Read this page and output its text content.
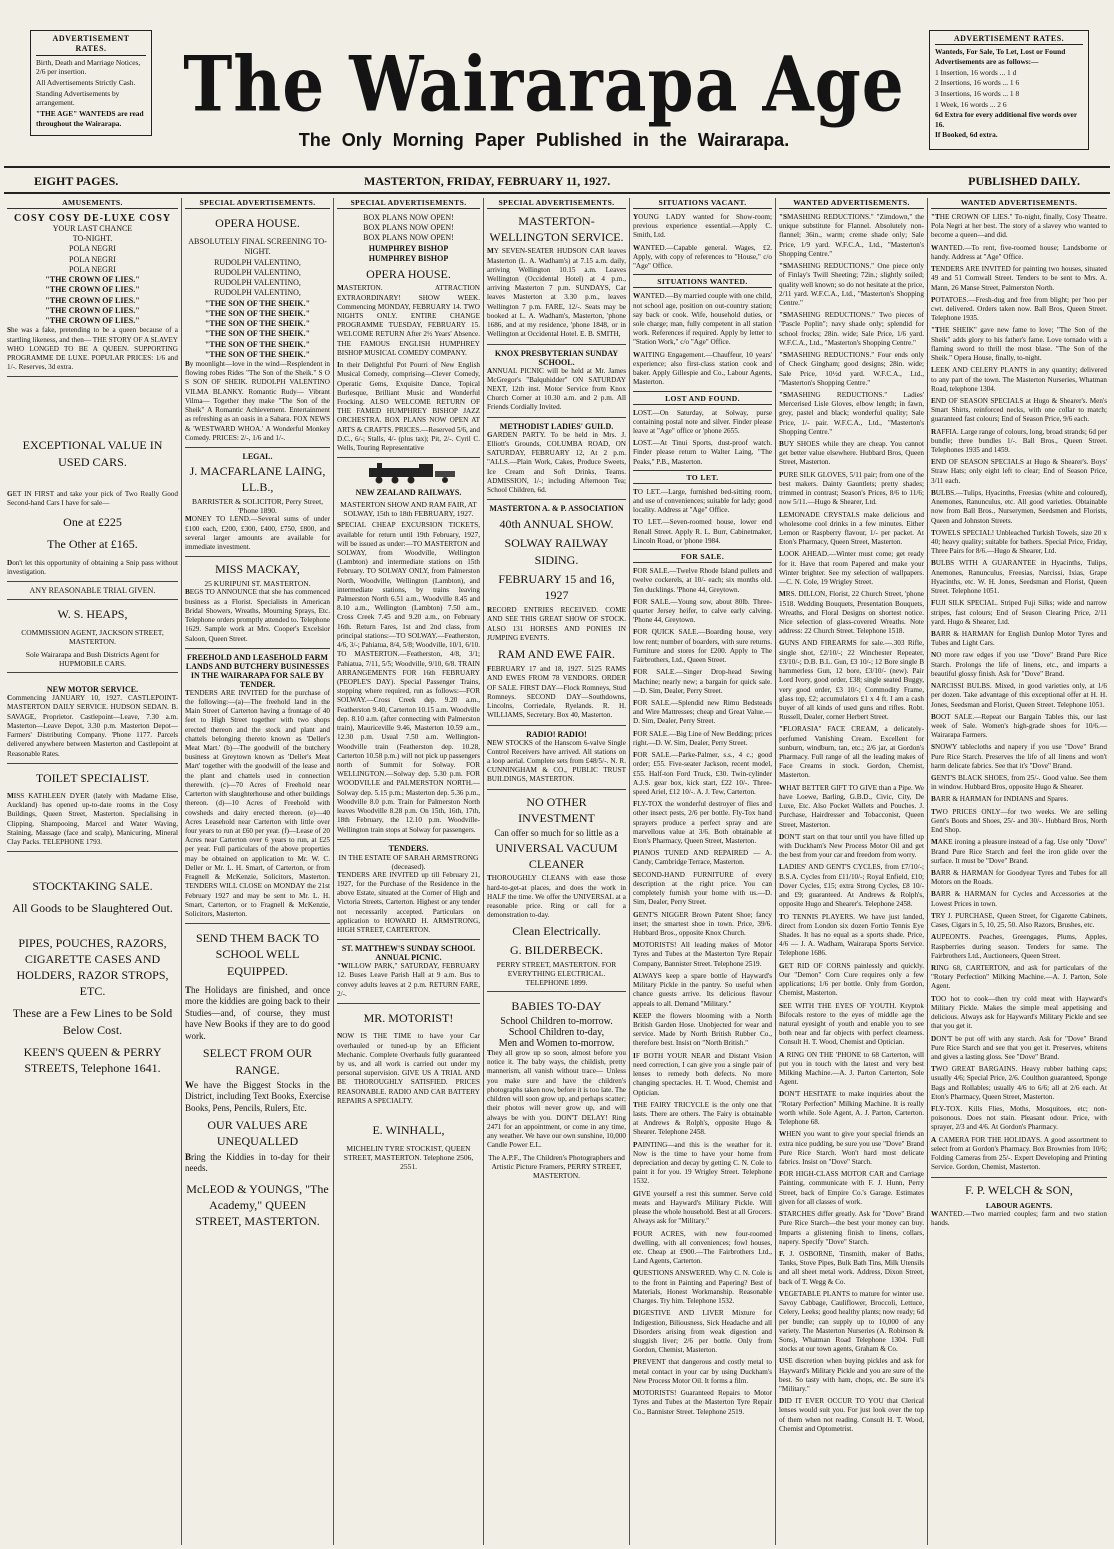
ADVERTISEMENT RATES.

Birth, Death and Marriage Notices, 2/6 per insertion.

All Advertisements Strictly Cash.

Standing Advertisements by arrangement.

"THE AGE" WANTEDS are read throughout the Wairarapa. The Wairarapa Age
The Only Morning Paper Published in the Wairarapa.
ADVERTISEMENT RATES.

Wanteds, For Sale, To Let, Lost or Found Advertisements are as follows:—

1 Insertion, 16 words ... 1 d

2 Insertions, 16 words ... 1 6

3 Insertions, 16 words ... 1 8

1 Week, 16 words ... 2 6

6d Extra for every additional five words over 16.

If Booked, 6d extra.

EIGHT PAGES.	MASTERTON, FRIDAY, FEBRUARY 11, 1927.	PUBLISHED DAILY.
AMUSEMENTS.
COSY COSY DE-LUXE COSY
YOUR LAST CHANCE
TO-NIGHT.
POLA NEGRI
POLA NEGRI
POLA NEGRI
"THE CROWN OF LIES."
"THE CROWN OF LIES."
"THE CROWN OF LIES."
"THE CROWN OF LIES."
"THE CROWN OF LIES."

She was a fake, pretending to be a queen because of a startling likeness, and then— THE STORY OF A SLAVEY WHO LONGED TO BE A QUEEN. SUPPORTING PROGRAMME DE LUXE. POPULAR PRICES: 1/6 and 1/-. Reserves, 3d extra.

EXCEPTIONAL VALUE IN USED CARS.

GET IN FIRST and take your pick of Two Really Good Second-hand Cars I have for sale—

One at £225
The Other at £165.

Don't let this opportunity of obtaining a Snip pass without investigation.

ANY REASONABLE TRIAL GIVEN.
W. S. HEAPS,
COMMISSION AGENT, JACKSON STREET, MASTERTON.
Sole Wairarapa and Bush Districts Agent for HUPMOBILE CARS.
NEW MOTOR SERVICE.

Commencing JANUARY 10, 1927. CASTLEPOINT-MASTERTON DAILY SERVICE. HUDSON SEDAN. B. SAVAGE, Proprietor. Castlepoint—Leave, 7.30 a.m. Masterton—Leave Depot, 3.30 p.m. Masterton Depot—Farmers' Distributing Company. 'Phone 1177. Parcels delivered anywhere between Masterton and Castlepoint at Reasonable Rates.

TOILET SPECIALIST.

MISS KATHLEEN DYER (lately with Madame Elise, Auckland) has opened up-to-date rooms in the Cosy Buildings, Queen Street, Masterton. Specialising in Clipping, Shampooing, Marcel and Water Waving, Staining, Massage (face and scalp), Manicuring, Mineral Clay Packs. TELEPHONE 1793.

STOCKTAKING SALE.
All Goods to be Slaughtered Out.
PIPES, POUCHES, RAZORS, CIGARETTE CASES AND HOLDERS, RAZOR STROPS, ETC.
These are a Few Lines to be Sold Below Cost.
KEEN'S QUEEN & PERRY STREETS, Telephone 1641.
SPECIAL ADVERTISEMENTS.
OPERA HOUSE.
ABSOLUTELY FINAL SCREENING TO-NIGHT.
RUDOLPH VALENTINO,
RUDOLPH VALENTINO,
RUDOLPH VALENTINO,
RUDOLPH VALENTINO,
"THE SON OF THE SHEIK."
"THE SON OF THE SHEIK."
"THE SON OF THE SHEIK."
"THE SON OF THE SHEIK."
"THE SON OF THE SHEIK."
"THE SON OF THE SHEIK."

By moonlight—love in the wind—Resplendent in flowing robes Rides "The Son of the Sheik." S O S SON OF SHEIK. RUDOLPH VALENTINO VILMA BLANKY. Romantic Rudy— Vibrant Vilma— Together they make "The Son of the Sheik" A Romantic Achievement. Entertainment as refreshing as an oasis in a Sahara. FOX NEWS & 'WESTWARD WHOA.' A Wonderful Monkey Comedy. PRICES: 2/-, 1/6 and 1/-.

LEGAL.
J. MACFARLANE LAING, LL.B.,
BARRISTER & SOLICITOR, Perry Street, 'Phone 1890.

MONEY TO LEND.—Several sums of under £100 each, £200, £300, £400, £750, £800, and several larger amounts are available for immediate investment.

MISS MACKAY,
25 KURIPUNI ST. MASTERTON.

BEGS TO ANNOUNCE that she has commenced business as a Florist. Specialists in American Bridal Showers, Wreaths, Mourning Sprays, Etc. Telephone orders promptly attended to. Telephone 1629. Sample work at Mrs. Cooper's Excelsior Saloon, Queen Street.

FREEHOLD AND LEASEHOLD FARM LANDS AND BUTCHERY BUSINESSES IN THE WAIRARAPA FOR SALE BY TENDER.

TENDERS ARE INVITED for the purchase of the following:—(a)—The freehold land in the Main Street of Carterton having a frontage of 40 feet to High Street together with two shops erected thereon and the stock and plant and chattels belonging thereto known as 'Deller's Meat Mart.' (b)—The goodwill of the butchery business at Greytown known as 'Deller's Meat Mart' together with the goodwill of the lease and the plant and chattels used in connection therewith. (c)—70 Acres of Freehold near Carterton with slaughterhouse and other buildings thereon. (d)—10 Acres of Freehold with cowsheds and dairy erected thereon. (e)—40 Acres Leasehold near Carterton with little over four years to run at £60 per year. (f)—Lease of 20 Acres near Carterton over 6 years to run, at £25 per year. Full particulars of the above properties may be obtained on application to Mr. W. C. Deller or Mr. L. H. Smart, of Carterton, or from Fragnell & McKenzie, Solicitors, Masterton. TENDERS WILL CLOSE on MONDAY the 21st February 1927 and may be sent to Mr. L. H. Smart, Carterton, or to Fragnell & McKenzie, Solicitors, Masterton.

SEND THEM BACK TO SCHOOL WELL EQUIPPED.

The Holidays are finished, and once more the kiddies are going back to their Studies—and, of course, they must have New Books if they are to do good work.

SELECT FROM OUR RANGE.

We have the Biggest Stocks in the District, including Text Books, Exercise Books, Pens, Pencils, Rulers, Etc.

OUR VALUES ARE UNEQUALLED

Bring the Kiddies in to-day for their needs.

McLEOD & YOUNGS, "The Academy," QUEEN STREET, MASTERTON.
SPECIAL ADVERTISEMENTS.
BOX PLANS NOW OPEN!
BOX PLANS NOW OPEN!
BOX PLANS NOW OPEN!
HUMPHREY BISHOP
HUMPHREY BISHOP
OPERA HOUSE.

MASTERTON. ATTRACTION EXTRAORDINARY! SHOW WEEK. Commencing MONDAY, FEBRUARY 14. TWO NIGHTS ONLY. ENTIRE CHANGE PROGRAMME TUESDAY, FEBRUARY 15. WELCOME RETURN After 2½ Years' Absence. THE FAMOUS ENGLISH HUMPHREY BISHOP MUSICAL COMEDY COMPANY.

In their Delightful Pot Pourri of New English Musical Comedy, comprising—Clever Comedy, Operatic Gems, Exquisite Dance, Topical Burlesque, Brilliant Music and Wonderful Frocking. ALSO WELCOME RETURN OF THE FAMED HUMPHREY BISHOP JAZZ ORCHESTRA. BOX PLANS NOW OPEN AT ARTS & CRAFTS. PRICES.—Reserved 5/6, and D.C., 6/-; Stalls, 4/- (plus tax); Pit, 2/-. Cyril C. Wells, Touring Representative

NEW ZEALAND RAILWAYS.
MASTERTON SHOW AND RAM FAIR, AT SOLWAY, 15th to 18th FEBRUARY, 1927.

SPECIAL CHEAP EXCURSION TICKETS, available for return until 19th February, 1927, will be issued as under:—TO MASTERTON and SOLWAY, from Woodville, Wellington (Lambton) and intermediate stations on 15th February. TO SOLWAY ONLY, from Palmerston North, Woodville, Wellington (Lambton), and intermediate stations, by trains leaving Palmerston North 6.51 a.m., Woodville 8.45 and 8.10 a.m., Wellington (Lambton) 7.50 a.m., Cross Creek 7.45 and 9.20 a.m., on February 16th. Return Fares, 1st and 2nd class, from principal stations:—TO SOLWAY.—Featherston, 4/6, 3/-; Pahiatua, 8/4, 5/8; Woodville, 10/1, 6/10. TO MASTERTON.—Featherston, 4/8, 3/1; Pahiatua, 7/11, 5/5; Woodville, 9/10, 6/8. TRAIN ARRANGEMENTS FOR 16th FEBRUARY (PEOPLE'S DAY). Special Passenger Trains, stopping where required, run as follows:—FOR SOLWAY.—Cross Creek dep. 9.20 a.m., Featherston 9.40, Carterton 10.15 a.m. Woodville dep. 8.10 a.m. (after connecting with Palmerston train), Mauriceville 9.46, Masterton 10.59 a.m., 12.30 p.m. Usual 7.50 a.m. Wellington-Woodville train (Featherston dep. 10.28, Carterton 10.58 p.m.) will not pick up passengers north of Summit for Solway. FOR WELLINGTON.—Solway dep. 5.30 p.m. FOR WOODVILLE and PALMERSTON NORTH.—Solway dep. 5.15 p.m.; Masterton dep. 5.36 p.m., Woodville 8.0 p.m. Train for Palmerston North leaves Woodville 8.28 p.m. On 15th, 16th, 17th, 18th February, the 12.10 p.m. Woodville-Wellington train stops at Solway for passengers.

TENDERS.
IN THE ESTATE OF SARAH ARMSTRONG (deceased).

TENDERS ARE INVITED up till February 21, 1927, for the Purchase of the Residence in the above Estate, situated at the Corner of High and Victoria Streets, Carterton. Highest or any tender not necessarily accepted. Particulars on application to HOWARD H. ARMSTRONG, HIGH STREET, CARTERTON.

ST. MATTHEW'S SUNDAY SCHOOL ANNUAL PICNIC.

"WILLOW PARK," SATURDAY, FEBRUARY 12. Buses Leave Parish Hall at 9 a.m. Bus to convey adults leaves at 2 p.m. RETURN FARE, 2/-.

MR. MOTORIST!

NOW IS THE TIME to have your Car overhauled or tuned-up by an Efficient Mechanic. Complete Overhauls fully guaranteed by us, and all work is carried out under my personal supervision. GIVE US A TRIAL AND BE THOROUGHLY SATISFIED. PRICES REASONABLE. RADIO AND CAR BATTERY REPAIRS A SPECIALTY.

E. WINHALL,
MICHELIN TYRE STOCKIST, QUEEN STREET, MASTERTON. Telephone 2506, 2551.
SPECIAL ADVERTISEMENTS.
MASTERTON-WELLINGTON SERVICE.

MY SEVEN-SEATER HUDSON CAR leaves Masterton (L. A. Wadham's) at 7.15 a.m. daily, arriving Wellington 10.15 a.m. Leaves Wellington (Occidental Hotel) at 4 p.m., arriving Masterton 7 p.m. SUNDAYS, Car leaves Masterton at 3.30 p.m., leaves Wellington 7 p.m. FARE, 12/-. Seats may be booked at L. A. Wadham's, Masterton, 'phone 1686, and at my residence, 'phone 1848, or in Wellington at Occidental Hotel. E. B. SMITH,

KNOX PRESBYTERIAN SUNDAY SCHOOL.

ANNUAL PICNIC will be held at Mr. James McGregor's "Balquhidder" ON SATURDAY NEXT, 12th inst. Motor Service from Knox Church Corner at 10.30 a.m. and 2 p.m. All Friends Cordially Invited.

METHODIST LADIES' GUILD.

GARDEN PARTY. To be held in Mrs. J. Elliott's Grounds, COLUMBA ROAD, ON SATURDAY, FEBRUARY 12, At 2 p.m. "ALLS.—Plain Work, Cakes, Produce Sweets, Ice Cream and Soft Drinks, Teams. ADMISSION, 1/-; including Afternoon Tea; School Children, 6d.

MASTERTON A. & P. ASSOCIATION
40th ANNUAL SHOW.
SOLWAY RAILWAY SIDING.
FEBRUARY 15 and 16, 1927

RECORD ENTRIES RECEIVED. COME AND SEE THIS GREAT SHOW OF STOCK. ALSO 131 HORSES AND PONIES IN JUMPING EVENTS.

RAM AND EWE FAIR.

FEBRUARY 17 and 18, 1927. 5125 RAMS AND EWES FROM 78 VENDORS. ORDER OF SALE. FIRST DAY—Flock Romneys, Stud Romneys. SECOND DAY—Southdowns, Lincolns, Corriedale, Ryelands. R. H. WILLIAMS, Secretary. Box 40, Masterton.

RADIO! RADIO!

NEW STOCKS of the Hanscom 6-valve Single Control Receivers have arrived. All stations on a loop aerial. Complete sets from £48/5/-. N. R. CUNNINGHAM & CO., PUBLIC TRUST BUILDINGS, MASTERTON.

NO OTHER INVESTMENT
Can offer so much for so little as a
UNIVERSAL VACUUM CLEANER

THOROUGHLY CLEANS with ease those hard-to-get-at places, and does the work in HALF the time. We offer the UNIVERSAL at a reasonable price. Ring or call for a demonstration to-day.

Clean Electrically.
G. BILDERBECK.
PERRY STREET, MASTERTON. FOR EVERYTHING ELECTRICAL. TELEPHONE 1899.
BABIES TO-DAY
School Children to-morrow.
School Children to-day,
Men and Women to-morrow.

They all grow up so soon, almost before you notice it. The baby ways, the childish, pretty mannerism, all vanish without trace— Unless you make sure and have the children's photographs taken now, before it is too late. The children will soon grow up, and perhaps scatter; their photos will never grow up, and will always be with you. DON'T DELAY! Ring 2471 for an appointment, or come in any time, any weather. We have our own sunshine, 10,000 Candle Power E.L.

The A.P.F., The Children's Photographers and Artistic Picture Framers, PERRY STREET, MASTERTON.
SITUATIONS VACANT.

YOUNG LADY wanted for Show-room; previous experience essential.—Apply C. Smith, Ltd.

WANTED.—Capable general. Wages, £2. Apply, with copy of references to "House," c/o "Age" Office.

SITUATIONS WANTED.

WANTED.—By married couple with one child, not school age, position on out-country station; say back or cook. Wife, household duties, or sole charge; man, fully competent in all station work. References if required. Apply by letter to "Station Work," c/o "Age" Office.

WAITING Engagement.—Chauffeur, 10 years' experience; also first-class station cook and baker. Apply Gillespie and Co., Labour Agents, Masterton.

LOST AND FOUND.

LOST.—On Saturday, at Solway, purse containing postal note and silver. Finder please leave at "Age" office or 'phone 2655.

LOST.—At Tinui Sports, dust-proof watch. Finder please return to Walter Laing, "The Peaks," P.B., Masterton.

TO LET.

TO LET.—Large, furnished bed-sitting room, and use of conveniences; suitable for lady; good locality. Address at "Age" Office.

TO LET.—Seven-roomed house, lower end Renall Street. Apply R. L. Burr, Cabinetmaker, Lincoln Road, or 'phone 1984.

FOR SALE.

FOR SALE.—Twelve Rhode Island pullets and twelve cockerels, at 10/- each; six months old. Ten ducklings. 'Phone 44, Greytown.

FOR SALE.—Young sow, about 80lb. Three-quarter Jersey heifer, to calve early calving. 'Phone 44, Greytown.

FOR QUICK SALE.—Boarding house, very low rent; number of boarders, with sure returns. Furniture and stores for £200. Apply to The Fairbrothers, Ltd., Queen Street.

FOR SALE.—Singer Drop-head Sewing Machine; nearly new; a bargain for quick sale.—D. Sim, Dealer, Perry Street.

FOR SALE.—Splendid new Rimu Bedsteads and Wire Mattresses; cheap and Great Value.—D. Sim, Dealer, Perry Street.

FOR SALE.—Big Line of New Bedding; prices right.—D. W. Sim, Dealer, Perry Street.

FOR SALE.—Parke-Palmer, s.s., 4 c.; good order; £55. Five-seater Jackson, recent model, £55. Half-ton Ford Truck, £30. Twin-cylinder A.J.S. gear box, kick start, £22 10/-. Three-speed Ariel, £12 10/-. A. J. Tew, Carterton.

FLY-TOX the wonderful destroyer of flies and other insect pests, 2/6 per bottle. Fly-Tox hand sprayers produce a perfect spray and are marvellous value at 3/6. Both obtainable at Eton's Pharmacy, Queen Street, Masterton.

PIANOS TUNED AND REPAIRED — A. Candy, Cambridge Terrace, Masterton.

SECOND-HAND FURNITURE of every description at the right price. You can completely furnish your home with us.—D. Sim, Dealer, Perry Street.

GENT'S NIGGER Brown Patent Shoe; fancy inset; the smartest shoe in town. Price, 39/6. Hubbard Bros., opposite Knox Church.

MOTORISTS! All leading makes of Motor Tyres and Tubes at the Masterton Tyre Repair Company, Bannister Street. Telephone 2519.

ALWAYS keep a spare bottle of Hayward's Military Pickle in the pantry. So useful when chance guests arrive. Its delicious flavour appeals to all. Demand "Military."

KEEP the flowers blooming with a North British Garden Hose. Unobjected for wear and service. Made by North British Rubber Co., therefore best. Insist on "North British."

IF BOTH YOUR NEAR and Distant Vision need correction, I can give you a single pair of lenses to remedy both defects. No more changing spectacles. H. T. Wood, Chemist and Optician.

THE FAIRY TRICYCLE is the only one that lasts. There are others. The Fairy is obtainable at Andrews & Rolph's, opposite Hugo & Shearer. Telephone 2458.

PAINTING—and this is the weather for it. Now is the time to have your home from depreciation and decay by getting C. N. Cole to paint it for you. 19 Wrigley Street. Telephone 1532.

GIVE yourself a rest this summer. Serve cold meats and Hayward's Military Pickle. Will please the whole household. Best at all Grocers. Always ask for "Military."

FOUR ACRES, with new four-roomed dwelling, with all conveniences; fowl houses, etc. Cheap at £900.—The Fairbrothers Ltd., Land Agents, Carterton.

QUESTIONS ANSWERED. Why C. N. Cole is to the front in Painting and Papering? Best of Materials, Honest Workmanship. Reasonable Charges. Try him. Telephone 1532.

DIGESTIVE AND LIVER Mixture for Indigestion, Biliousness, Sick Headache and all Disorders arising from weak digestion and sluggish liver; 2/6 per bottle. Only from Gordon, Chemist, Masterton.

PREVENT that dangerous and costly metal to metal contact in your car by using Duckham's New Process Motor Oil. It forms a film.

MOTORISTS! Guaranteed Repairs to Motor Tyres and Tubes at the Masterton Tyre Repair Co., Bannister Street. Telephone 2519.

WANTED ADVERTISEMENTS.

"SMASHING REDUCTIONS." "Zimdown," the unique substitute for Flannel. Absolutely non-flannel; 36in., warm; creme shade only; Sale Price, 1/9 yard. W.F.C.A., Ltd., "Masterton's Shopping Centre."

"SMASHING REDUCTIONS." One piece only of Finlay's Twill Sheeting; 72in.; slightly soiled; quality well known; so do not hesitate at the price, 2/11 yard. W.F.C.A., Ltd., "Masterton's Shopping Centre."

"SMASHING REDUCTIONS." Two pieces of "Pascle Poplin"; navy shade only; splendid for school frocks; 28in. wide; Sale Price, 1/6 yard. W.F.C.A., Ltd., "Masterton's Shopping Centre."

"SMASHING REDUCTIONS." Four ends only of Check Gingham; good designs; 28in. wide; Sale Price, 10½d yard. W.F.C.A., Ltd., "Masterton's Shopping Centre."

"SMASHING REDUCTIONS." Ladies' Mercerised Lisle Gloves, elbow length; in fawn, grey, pastel and black; wonderful quality; Sale Price, 1/- pair. W.F.C.A., Ltd., "Masterton's Shopping Centre."

BUY SHOES while they are cheap. You cannot get better value elsewhere. Hubbard Bros, Queen Street, Masterton.

PURE SILK GLOVES, 5/11 pair; from one of the best makers. Dainty Gauntlets; pretty shades; trimmed in contrast; Season's Prices, 8/6 to 11/6; now 5/11.—Hugo & Shearer, Ltd.

LEMONADE CRYSTALS make delicious and wholesome cool drinks in a few minutes. Either Lemon or Raspberry flavour, 1/- per packet. At Eton's Pharmacy, Queen Street, Masterton.

LOOK AHEAD.—Winter must come; get ready for it. Have that room Papered and make your Winter brighter. See my selection of wallpapers.—C. N. Cole, 19 Wrigley Street.

MRS. DILLON, Florist, 22 Church Street, 'phone 1518. Wedding Bouquets, Presentation Bouquets, Wreaths, and Floral Designs on shortest notice. Nice selection of glass-covered Wreaths. Note address: 22 Church Street. Telephone 1518.

GUNS AND FIREARMS for sale.—.303 Rifle, single shot, £2/10/-; 22 Winchester Repeater, £3/10/-; D.B. B.L. Gun, £3 10/-; 12 Bore single B hammerless Gun, 12 bore, £3/10/- (new). Pair Lord Ivory, good order, £38; single seated Buggy, very good order, £3 10/-; Commodity Frame, glass top, £2; accumulators £1 x 4 ft. I am a cash buyer of all kinds of used guns and rifles. Robt. Russell, Dealer, corner Herbert Street.

"FLORASIA" FACE CREAM, a delicately-perfumed Vanishing Cream. Excellent for sunburn, windburn, tan, etc.; 2/6 jar, at Gordon's Pharmacy. Full range of all the leading makes of Face Creams in stock. Gordon, Chemist, Masterton.

WHAT BETTER GIFT TO GIVE than a Pipe. We have Loewe, Barling, G.B.D., Civic, City, De Luxe, Etc. Also Pocket Wallets and Pouches. J. Purchase, Hairdresser and Tobacconist, Queen Street, Masterton.

DON'T start on that tour until you have filled up with Duckham's New Process Motor Oil and get the best from your car and freedom from worry.

LADIES' AND GENT'S CYCLES, from £7/10/-; B.S.A. Cycles from £11/10/-; Royal Enfield, £10; Dover Cycles, £15; extra Strong Cycles, £8 10/- and £9; guaranteed. At Andrews & Rolph's, opposite Hugo and Shearer's. Telephone 2458.

TO TENNIS PLAYERS. We have just landed, direct from London six dozen Fortio Tennis Eye Shades. It has no equal as a sports shade. Price, 4/6 — J. A. Wadham, Wairarapa Sports Service. Telephone 1686.

GET RID OF CORNS painlessly and quickly. Our "Demon" Corn Cure requires only a few applications; 1/6 per bottle. Only from Gordon, Chemist, Masterton.

SEE WITH THE EYES OF YOUTH. Kryptok Bifocals restore to the eyes of middle age the natural eyesight of youth and enable you to see both near and far objects with perfect clearness. Consult H. T. Wood, Chemist and Optician.

A RING ON THE 'PHONE to 68 Carterton, will put you in touch with the latest and very best Milking Machine.—A. J. Parton Carterton, Sole Agent.

DON'T HESITATE to make inquiries about the "Rotary Perfection" Milking Machine. It is really worth while. Sole Agent, A. J. Parton, Carterton. Telephone 68.

WHEN you want to give your special friends an extra nice pudding, be sure you use "Dove" Brand Pure Rice Starch. Won't hard most delicate fabrics. Insist on "Dove" Starch.

FOR HIGH-CLASS MOTOR CAR and Carriage Painting, communicate with F. J. Hunn, Perry Street, back of Empire Co.'s Garage. Estimates given for all classes of work.

STARCHES differ greatly. Ask for "Dove" Brand Pure Rice Starch—the best your money can buy. Imparts a glistening finish to linens, collars, napery. Specify "Dove" Starch.

F. J. OSBORNE, Tinsmith, maker of Baths, Tanks, Stove Pipes, Bulk Bath Tins, Milk Utensils and all sheet metal work. Address, Dixon Street, back of T. Wegg & Co.

VEGETABLE PLANTS to mature for winter use. Savoy Cabbage, Cauliflower, Broccoli, Lettuce, Celery, Leeks; good healthy plants; now ready; 6d per bundle; can supply up to 10,000 of any variety. The Masterton Nurseries (A. Robinson & Sons), Whatman Road Telephone 1304. Full stocks at our town agents, Graham & Co.

USE discretion when buying pickles and ask for Hayward's Military Pickle and you are sure of the best. So tasty with ham, chops, etc. Be sure it's "Military."

DID IT EVER OCCUR TO YOU that Clerical lenses would suit you. For just look over the top of them when not reading. Consult H. T. Wood, Chemist and Optometrist.

WANTED ADVERTISEMENTS.

"THE CROWN OF LIES." To-night, finally, Cosy Theatre. Pola Negri at her best. The story of a slavey who wanted to become a queen—and did.

WANTED.—To rent, five-roomed house; Landsborne or handy. Address at "Age" Office.

TENDERS ARE INVITED for painting two houses, situated 49 and 51 Cornwall Street. Tenders to be sent to Mrs. A. Mann, 26 Manse Street, Palmerston North.

POTATOES.—Fresh-dug and free from blight; per 'hoo per cwt. delivered. Orders taken now. Ball Bros, Queen Street. Telephone 1935.

"THE SHEIK" gave new fame to love; "The Son of the Sheik" adds glory to his father's fame. Love tornado with a flaming sword to thrill the most blase. "The Son of the Sheik." Opera House, finally, to-night.

LEEK AND CELERY PLANTS in any quantity; delivered to any part of the town. The Masterton Nurseries, Whatman Road, telephone 1304.

END OF SEASON SPECIALS at Hugo & Shearer's. Men's Smart Shirts, reinforced necks, with one collar to match; guaranteed fast colours; End of Season Price, 9/6 each.

RAFFIA. Large range of colours, long, broad strands; 6d per bundle; three bundles 1/-. Ball Bros., Queen Street. Telephones 1935 and 1459.

END OF SEASON SPECIALS at Hugo & Shearer's. Boys' Straw Hats; only eight left to clear; End of Season Price, 3/11 each.

BULBS.—Tulips, Hyacinths, Freesias (white and coloured), Anemones, Ranunculus, etc. All good varieties. Obtainable now from Ball Bros., Nurserymen, Seedsmen and Florists, Queen and Johnston Streets.

TOWELS SPECIAL! Unbleached Turkish Towels, size 20 x 40; heavy quality; suitable for bathers. Special Price, Friday, Three Pairs for 8/6.—Hugo & Shearer, Ltd.

BULBS WITH A GUARANTEE in Hyacinths, Tulips, Anemones, Ranunculus, Freesias, Narcissi, Ixias, Grape Hyacinths, etc. W. H. Jones, Seedsman and Florist, Queen Street. Telephone 1051.

FUJI SILK SPECIAL. Striped Fuji Silks; wide and narrow stripes, fast colours; End of Season Clearing Price, 2/11 yard. Hugo & Shearer, Ltd.

BARR & HARMAN for English Dunlop Motor Tyres and Tubes and Light Cars.

NO more raw edges if you use "Dove" Brand Pure Rice Starch. Prolongs the life of linens, etc., and imparts a beautiful glossy finish. Ask for "Dove" Brand.

NARCISSI BULBS. Mixed, in good varieties only, at 1/6 per dozen. Take advantage of this exceptional offer at H. H. Jones, Seedsman and Florist, Queen Street. Telephone 1051.

BOOT SALE.—Repeat our Bargain Tables this, our last week of Sale. Women's high-grade shoes for 10/6.—Wairarapa Farmers.

SNOWY tablecloths and napery if you use "Dove" Brand Pure Rice Starch. Preserves the life of all linens and won't harm delicate fabrics. See that it's "Dove" Brand.

GENT'S BLACK SHOES, from 25/-. Good value. See them in window. Hubbard Bros, opposite Hugo & Shearer.

BARR & HARMAN for INDIANS and Spares.

TWO PRICES ONLY—for two weeks. We are selling Gent's Boots and Shoes, 25/- and 30/-. Hubbard Bros, North End Shop.

MAKE ironing a pleasure instead of a fag. Use only "Dove" Brand Pure Rice Starch and feel the iron glide over the surface. It must be "Dove" Brand.

BARR & HARMAN for Goodyear Tyres and Tubes for all Motors on the Roads.

BARR & HARMAN for Cycles and Accessories at the Lowest Prices in town.

TRY J. PURCHASE, Queen Street, for Cigarette Cabinets, Cases, Cigars in 5, 10, 25, 50. Also Razors, Brushes, etc.

AUPEONTS. Peaches, Greengages, Plums, Apples, Raspberries during season. Tenders for same. The Fairbrothers Ltd., Auctioneers, Queen Street.

RING 68, CARTERTON, and ask for particulars of the "Rotary Perfection" Milking Machine.—A. J. Parton, Sole Agent.

TOO hot to cook—then try cold meat with Hayward's Military Pickle. Makes the simple meal appetising and delicious. Always ask for Hayward's Military Pickle and see that you get it.

DON'T be put off with any starch. Ask for "Dove" Brand Pure Rice Starch and see that you get it. Preserves, whitens and gives a lasting gloss. See "Dove" Brand.

TWO GREAT BARGAINS. Heavy rubber bathing caps; usually 4/6; Special Price, 2/6. Coulthon guaranteed, Sponge Bags and Rollables; usually 4/6 to 6/6; all at 2/6 each. At Eton's Pharmacy, Queen Street, Masterton.

FLY-TOX. Kills Flies, Moths, Mosquitoes, etc; non-poisonous. Does not stain. Pleasant odour. Price, with sprayer, 2/3 and 4/6. At Gordon's Pharmacy.

A CAMERA FOR THE HOLIDAYS. A good assortment to select from at Gordon's Pharmacy. Box Brownies from 10/6; Folding Cameras from 25/-. Expert Developing and Printing Service. Gordon, Chemist, Masterton.

F. P. WELCH & SON,
LABOUR AGENTS.

WANTED.—Two married couples; farm and two station hands.
